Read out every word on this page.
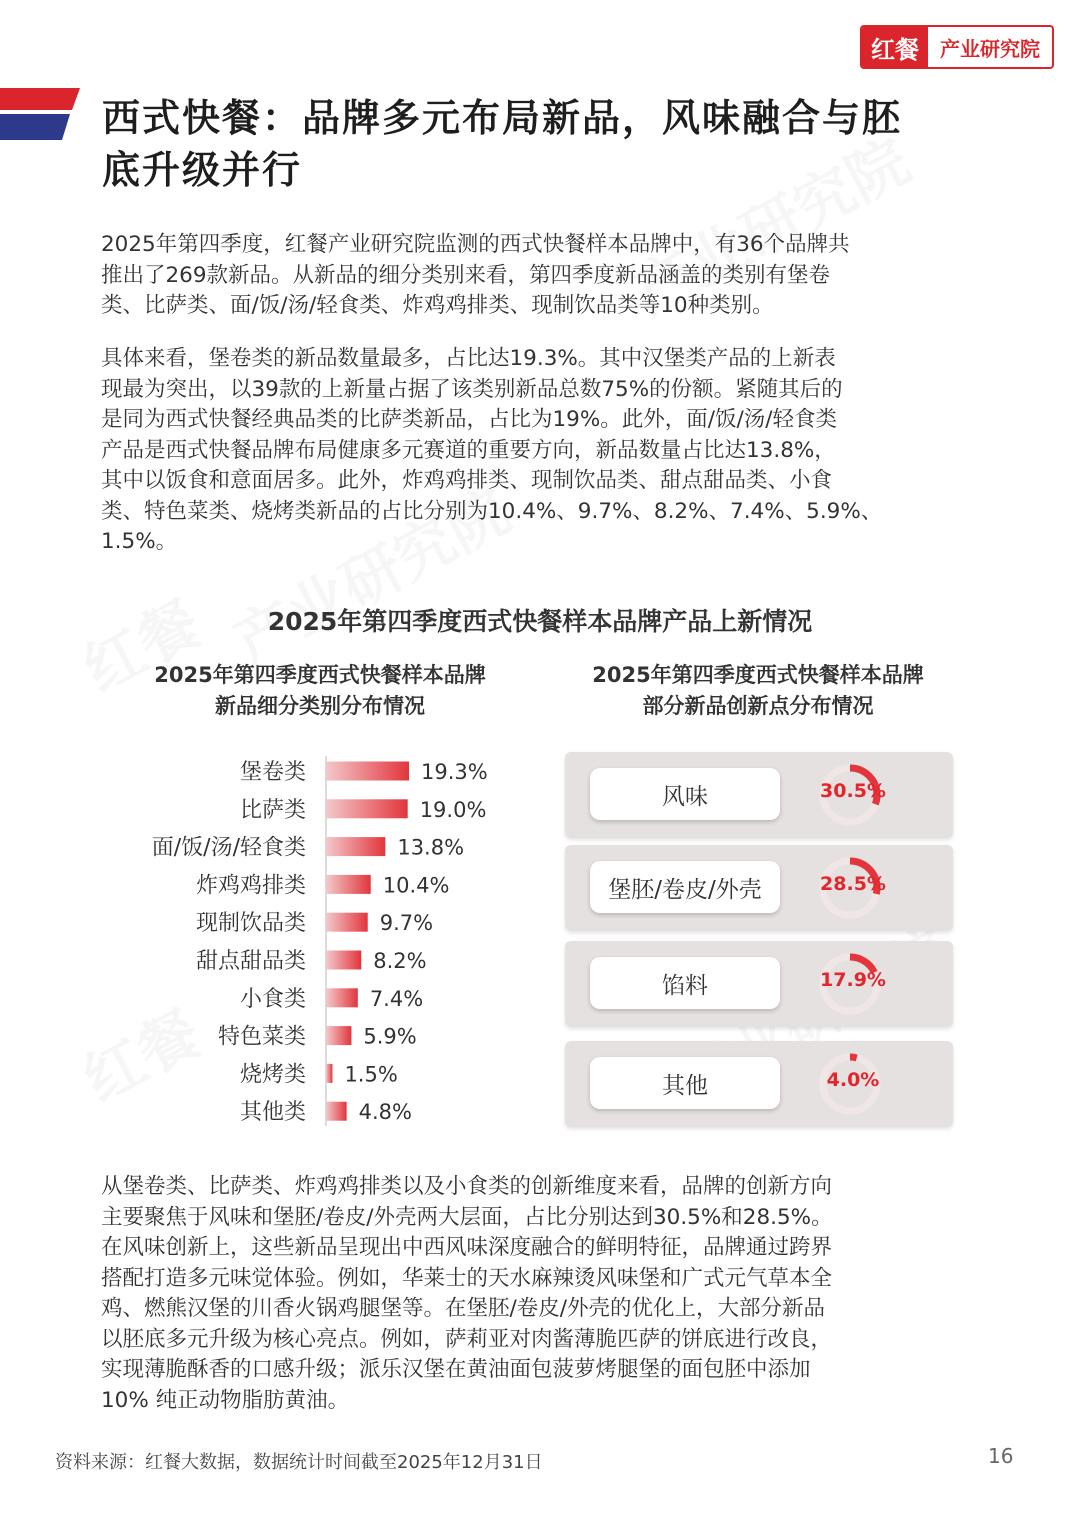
红餐	产业研究院
西式快餐：品牌多元布局新品，风味融合与胚
底升级并行
2025年第四季度，红餐产业研究院监测的西式快餐样本品牌中，有36个品牌共
推出了269款新品。从新品的细分类别来看，第四季度新品涵盖的类别有堡卷
类、比萨类、面/饭/汤/轻食类、炸鸡鸡排类、现制饮品类等10种类别。
具体来看，堡卷类的新品数量最多，占比达19.3%。其中汉堡类产品的上新表
现最为突出，以39款的上新量占据了该类别新品总数75%的份额。紧随其后的
是同为西式快餐经典品类的比萨类新品，占比为19%。此外，面/饭/汤/轻食类
产品是西式快餐品牌布局健康多元赛道的重要方向，新品数量占比达13.8%，
其中以饭食和意面居多。此外，炸鸡鸡排类、现制饮品类、甜点甜品类、小食
类、特色菜类、烧烤类新品的占比分别为10.4%、9.7%、8.2%、7.4%、5.9%、
1.5%。
2025年第四季度西式快餐样本品牌产品上新情况
2025年第四季度西式快餐样本品牌
新品细分类别分布情况
2025年第四季度西式快餐样本品牌
部分新品创新点分布情况
堡卷类	19.3%
比萨类	19.0%
面/饭/汤/轻食类	13.8%
炸鸡鸡排类	10.4%
现制饮品类	9.7%
甜点甜品类	8.2%
小食类	7.4%
特色菜类	5.9%
烧烤类 1.5%
其他类	4.8%
风味	30.5%
堡胚/卷皮/外壳	28.5%
馅料	17.9%
其他	4.0%
从堡卷类、比萨类、炸鸡鸡排类以及小食类的创新维度来看，品牌的创新方向
主要聚焦于风味和堡胚/卷皮/外壳两大层面，占比分别达到30.5%和28.5%。
在风味创新上，这些新品呈现出中西风味深度融合的鲜明特征，品牌通过跨界
搭配打造多元味觉体验。例如，华莱士的天水麻辣烫风味堡和广式元气草本全
鸡、燃熊汉堡的川香火锅鸡腿堡等。在堡胚/卷皮/外壳的优化上，大部分新品
以胚底多元升级为核心亮点。例如，萨莉亚对肉酱薄脆匹萨的饼底进行改良，
实现薄脆酥香的口感升级；派乐汉堡在黄油面包菠萝烤腿堡的面包胚中添加
10% 纯正动物脂肪黄油。
资料来源：红餐大数据，数据统计时间截至2025年12月31日	16
